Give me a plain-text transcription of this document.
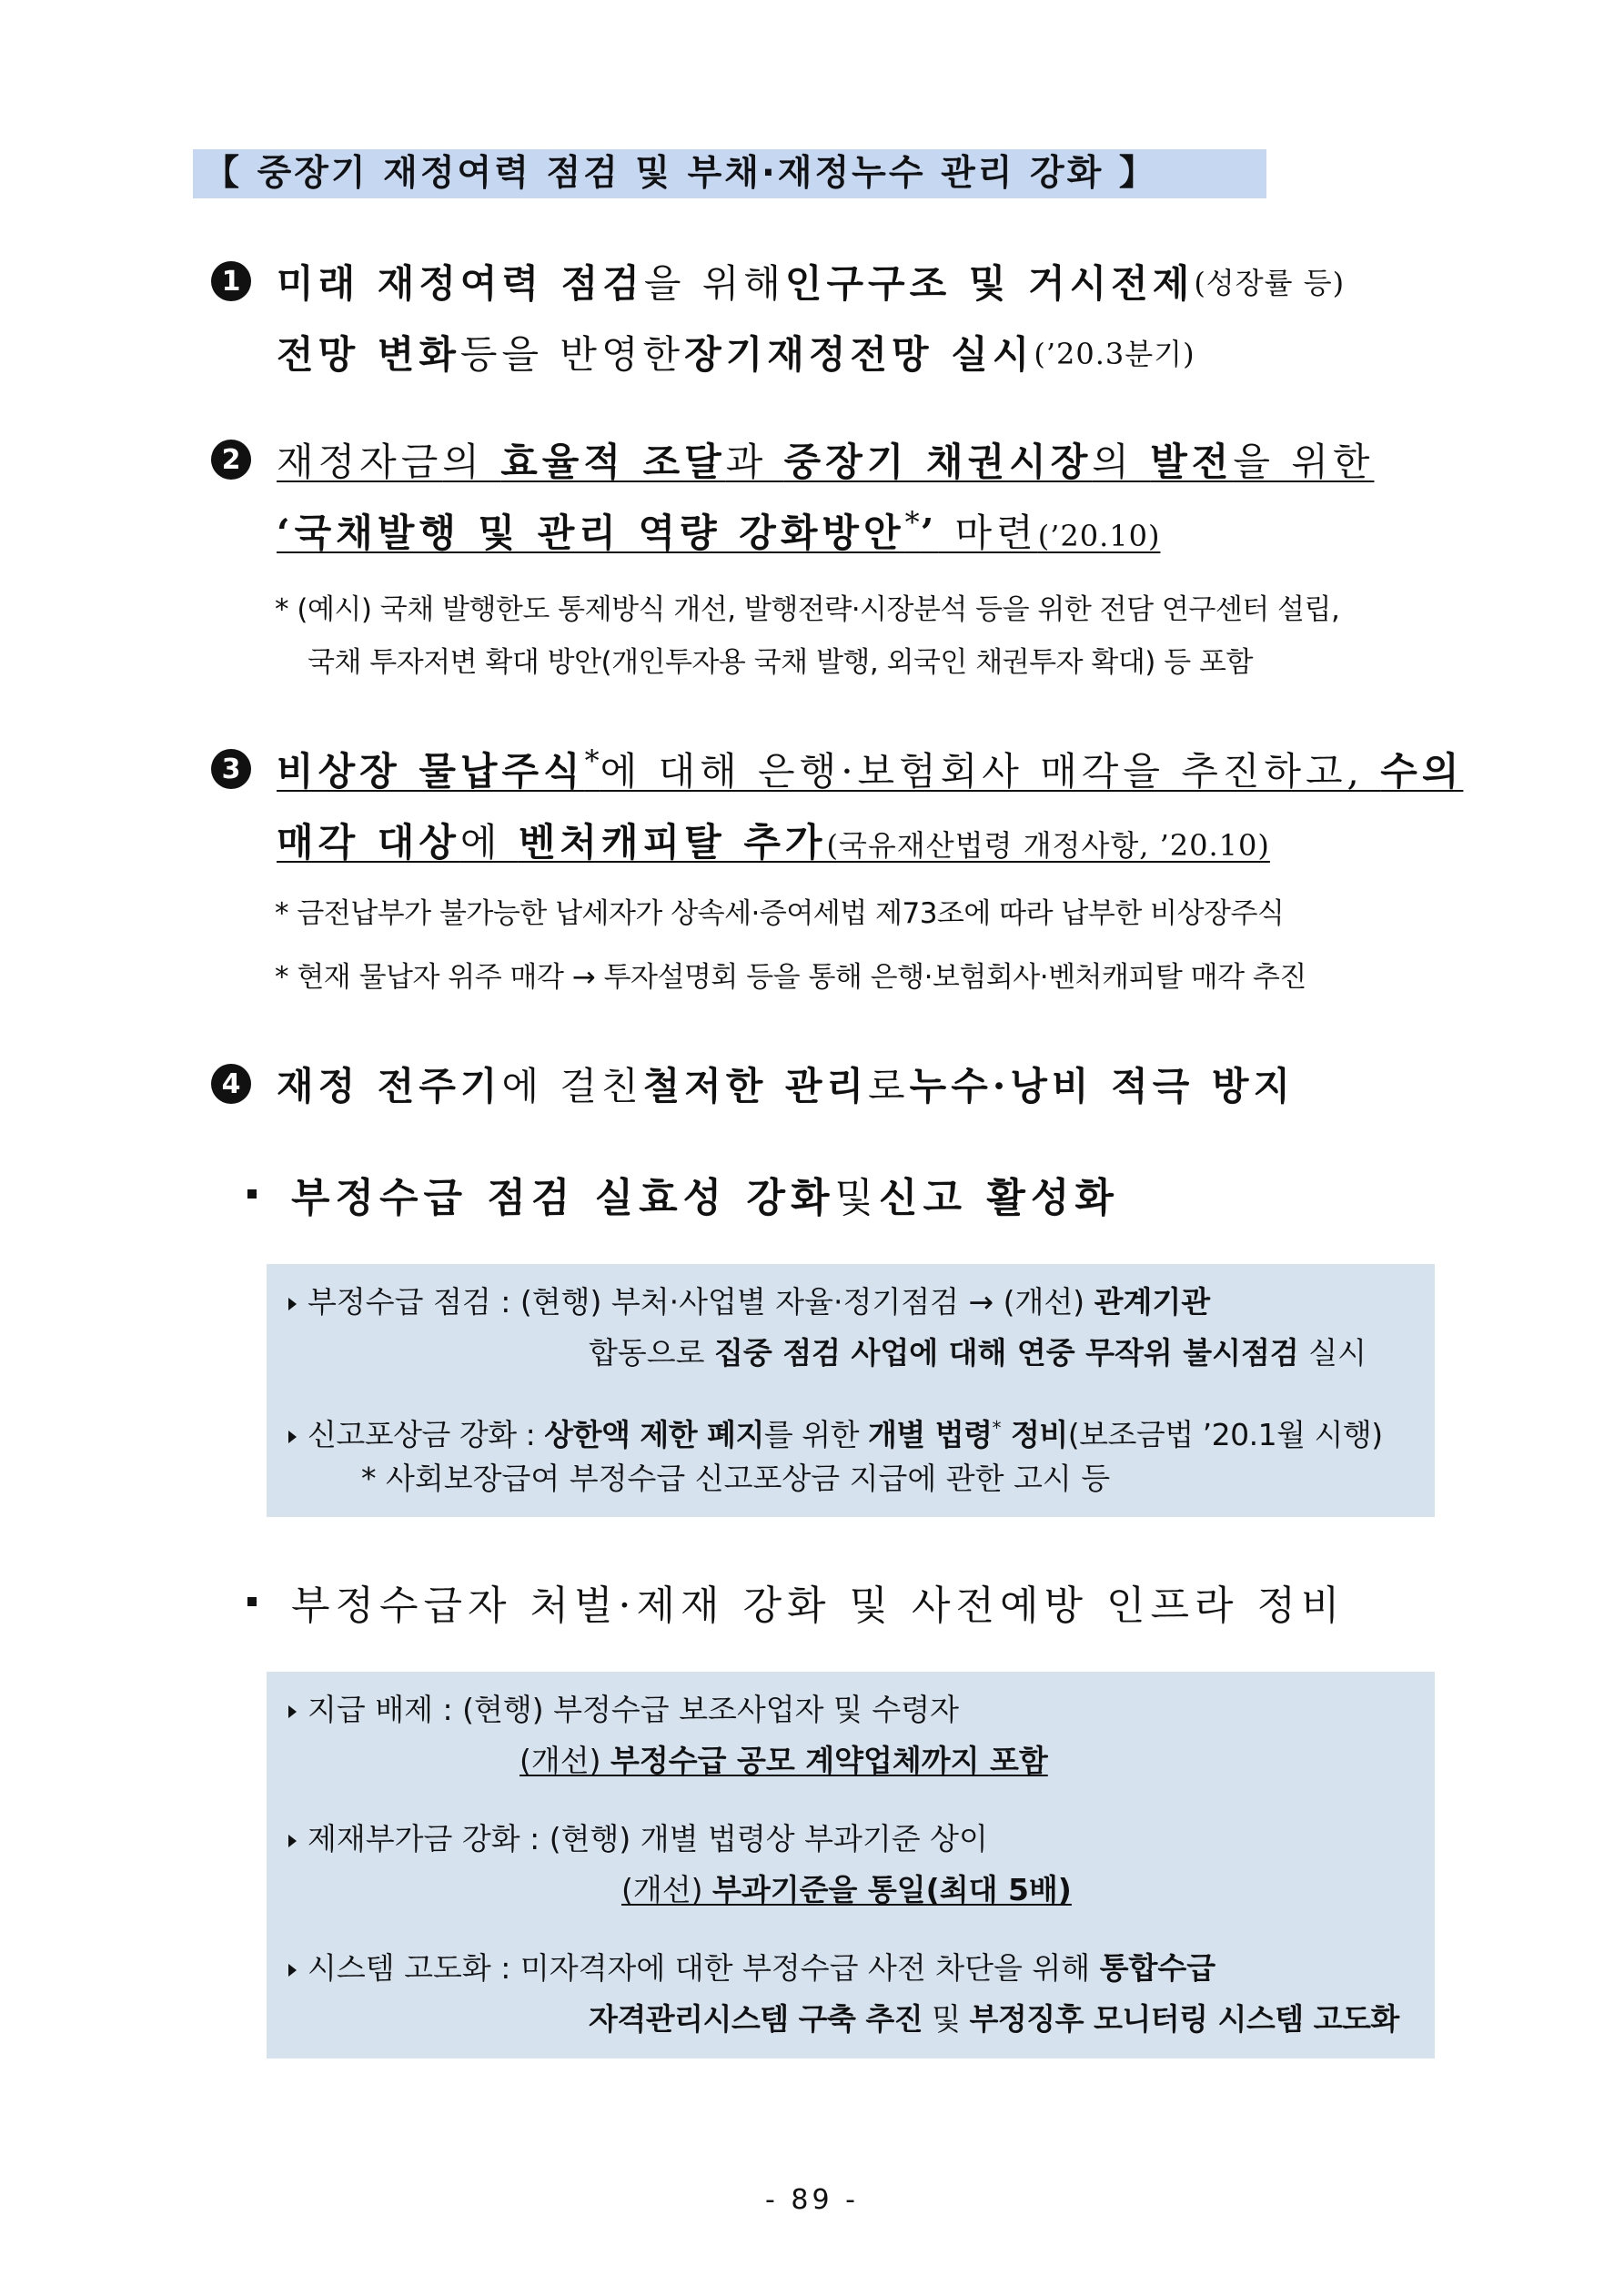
【 중장기 재정여력 점검 및 부채·재정누수 관리 강화 】
1 미래 재정여력 점검 을 위해 인구구조 및 거시전제 (성장률 등)
전망 변화 등을 반영한 장기재정전망 실시 (’20.3분기)
2 재정자금의 효율적 조달과 중장기 채권시장의 발전을 위한
‘국채발행 및 관리 역량 강화방안*’ 마련(’20.10)
* (예시) 국채 발행한도 통제방식 개선, 발행전략·시장분석 등을 위한 전담 연구센터 설립,
국채 투자저변 확대 방안(개인투자용 국채 발행, 외국인 채권투자 확대) 등 포함
3 비상장 물납주식*에 대해 은행·보험회사 매각을 추진하고, 수의
매각 대상에 벤처캐피탈 추가(국유재산법령 개정사항, ’20.10)
* 금전납부가 불가능한 납세자가 상속세·증여세법 제73조에 따라 납부한 비상장주식
* 현재 물납자 위주 매각 → 투자설명회 등을 통해 은행·보험회사·벤처캐피탈 매각 추진
4 재정 전주기 에 걸친 철저한 관리 로 누수·낭비 적극 방지
부정수급 점검 실효성 강화 및 신고 활성화
부정수급 점검 : (현행) 부처·사업별 자율·정기점검 → (개선) 관계기관
합동으로 집중 점검 사업에 대해 연중 무작위 불시점검 실시
신고포상금 강화 : 상한액 제한 폐지를 위한 개별 법령* 정비(보조금법 ’20.1월 시행)
* 사회보장급여 부정수급 신고포상금 지급에 관한 고시 등
부정수급자 처벌·제재 강화 및 사전예방 인프라 정비
지급 배제 : (현행) 부정수급 보조사업자 및 수령자
(개선) 부정수급 공모 계약업체까지 포함
제재부가금 강화 : (현행) 개별 법령상 부과기준 상이
(개선) 부과기준을 통일(최대 5배)
시스템 고도화 : 미자격자에 대한 부정수급 사전 차단을 위해 통합수급
자격관리시스템 구축 추진 및 부정징후 모니터링 시스템 고도화
- 89 -
